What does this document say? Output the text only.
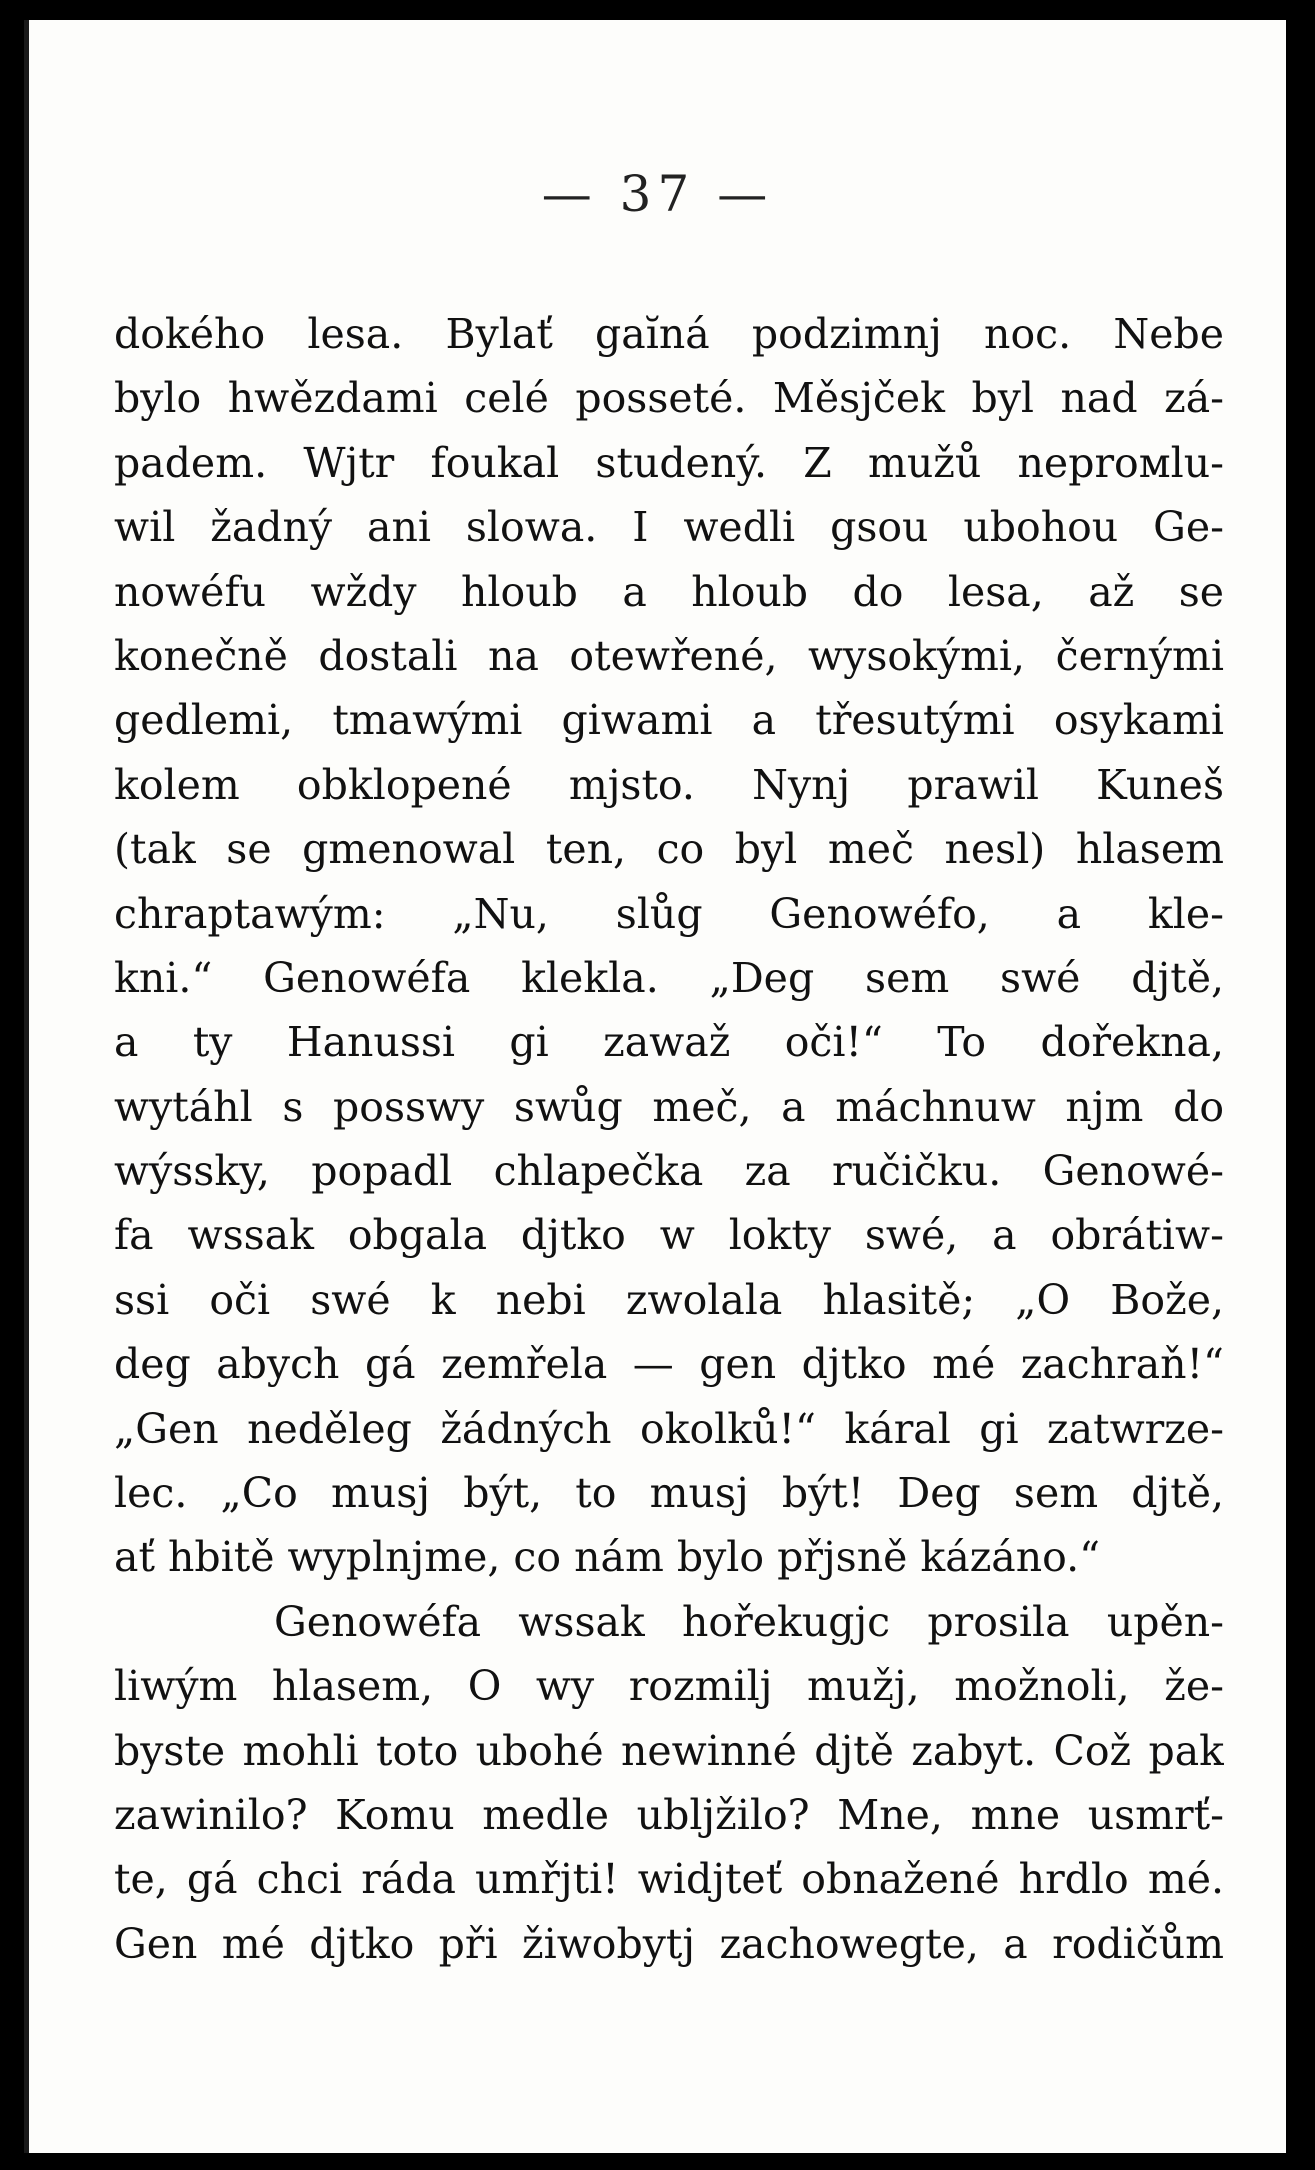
— 37 —
dokého lesa. Bylať gaĭná podzimnj noc. Nebe
bylo hwězdami celé posseté. Měsjček byl nad zá-
padem. Wjtr foukal studený. Z mužů neproмlu-
wil žadný ani slowa. I wedli gsou ubohou Ge-
nowéfu wždy hloub a hloub do lesa, až se
konečně dostali na otewřené, wysokými, černými
gedlemi, tmawými giwami a třesutými osykami
kolem obklopené mjsto. Nynj prawil Kuneš
(tak se gmenowal ten, co byl meč nesl) hlasem
chraptawým: „Nu, slůg Genowéfo, a kle-
kni.“ Genowéfa klekla. „Deg sem swé djtě,
a ty Hanussi gi zawaž oči!“ To dořekna,
wytáhl s posswy swůg meč, a máchnuw njm do
wýssky, popadl chlapečka za ručičku. Genowé-
fa wssak obgala djtko w lokty swé, a obrátiw-
ssi oči swé k nebi zwolala hlasitě; „O Bože,
deg abych gá zemřela — gen djtko mé zachraň!“
„Gen neděleg žádných okolků!“ káral gi zatwrze-
lec. „Co musj být, to musj být! Deg sem djtě,
ať hbitě wyplnjme, co nám bylo přjsně kázáno.“
Genowéfa wssak hořekugjc prosila upěn-
liwým hlasem, O wy rozmilj mužj, možnoli, že-
byste mohli toto ubohé newinné djtě zabyt. Což pak
zawinilo? Komu medle ublјžilo? Mne, mne usmrť-
te, gá chci ráda umřjti! widjteť obnažené hrdlo mé.
Gen mé djtko při žiwobytj zachowegte, a rodičům
